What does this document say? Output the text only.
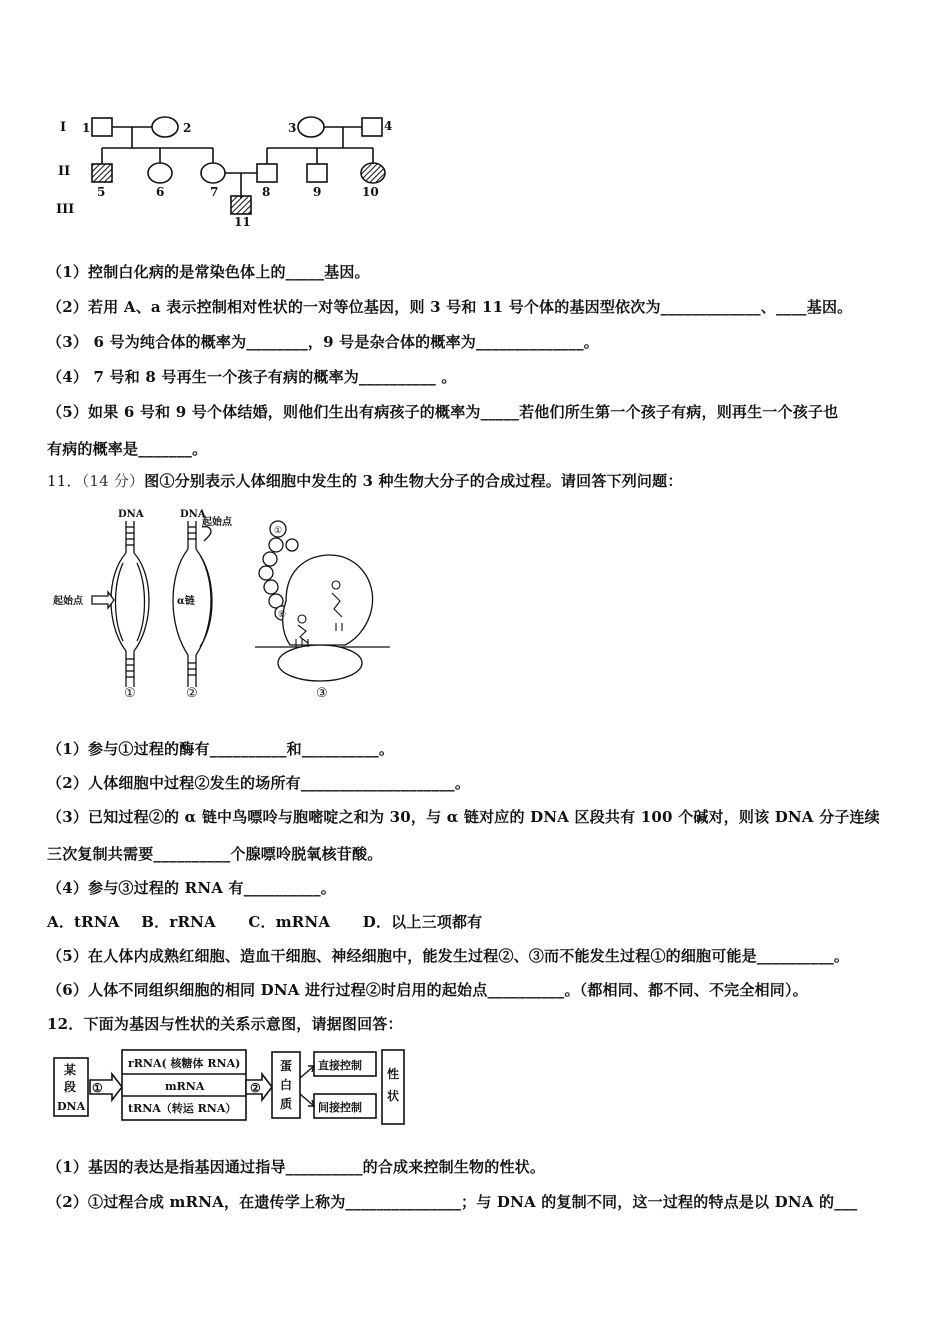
I
II
III
1	2	3	4
5	6	7	8	9	10
11
（1）控制白化病的是常染色体上的_____基因。
（2）若用 A、a 表示控制相对性状的一对等位基因，则 3 号和 11 号个体的基因型依次为_____________、____基因。
（3） 6 号为纯合体的概率为________，9 号是杂合体的概率为______________。
（4） 7 号和 8 号再生一个孩子有病的概率为__________ 。
（5）如果 6 号和 9 号个体结婚，则他们生出有病孩子的概率为_____若他们所生第一个孩子有病，则再生一个孩子也
有病的概率是_______。
11．（14 分）图①分别表示人体细胞中发生的 3 种生物大分子的合成过程。请回答下列问题：
DNA	DNA
起始点
起始点	α链
①	②	③
①
⑧
（1）参与①过程的酶有__________和__________。
（2）人体细胞中过程②发生的场所有____________________。
（3）已知过程②的 α 链中鸟嘌呤与胞嘧啶之和为 30，与 α 链对应的 DNA 区段共有 100 个碱对，则该 DNA 分子连续
三次复制共需要__________个腺嘌呤脱氧核苷酸。
（4）参与③过程的 RNA 有__________。
A．tRNA    B．rRNA      C．mRNA      D．以上三项都有
（5）在人体内成熟红细胞、造血干细胞、神经细胞中，能发生过程②、③而不能发生过程①的细胞可能是__________。
（6）人体不同组织细胞的相同 DNA 进行过程②时启用的起始点__________。（都相同、都不同、不完全相同）。
12．下面为基因与性状的关系示意图，请据图回答：
某
段
DNA
①
rRNA( 核糖体 RNA)
mRNA
tRNA（转运 RNA）
②
蛋
白
质
直接控制
间接控制
性
状
（1）基因的表达是指基因通过指导__________的合成来控制生物的性状。
（2）①过程合成 mRNA，在遗传学上称为_______________；与 DNA 的复制不同，这一过程的特点是以 DNA 的___
